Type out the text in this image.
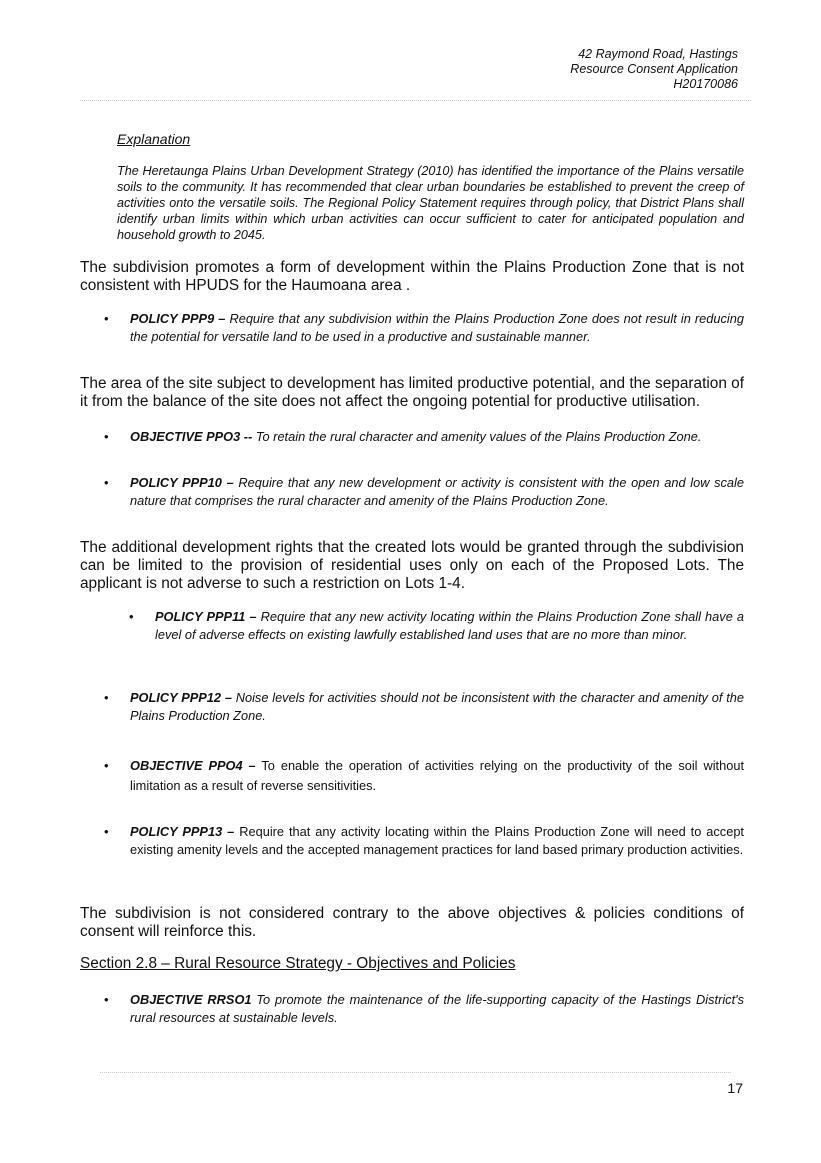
42 Raymond Road, Hastings
Resource Consent Application
H20170086

Explanation

The Heretaunga Plains Urban Development Strategy (2010) has identified the importance of the Plains versatile soils to the community. It has recommended that clear urban boundaries be established to prevent the creep of activities onto the versatile soils. The Regional Policy Statement requires through policy, that District Plans shall identify urban limits within which urban activities can occur sufficient to cater for anticipated population and household growth to 2045.

The subdivision promotes a form of development within the Plains Production Zone that is not consistent with HPUDS for the Haumoana area .

• POLICY PPP9 – Require that any subdivision within the Plains Production Zone does not result in reducing the potential for versatile land to be used in a productive and sustainable manner.

The area of the site subject to development has limited productive potential, and the separation of it from the balance of the site does not affect the ongoing potential for productive utilisation.

• OBJECTIVE PPO3 -- To retain the rural character and amenity values of the Plains Production Zone.
• POLICY PPP10 – Require that any new development or activity is consistent with the open and low scale nature that comprises the rural character and amenity of the Plains Production Zone.

The additional development rights that the created lots would be granted through the subdivision can be limited to the provision of residential uses only on each of the Proposed Lots. The applicant is not adverse to such a restriction on Lots 1-4.

• POLICY PPP11 – Require that any new activity locating within the Plains Production Zone shall have a level of adverse effects on existing lawfully established land uses that are no more than minor.
• POLICY PPP12 – Noise levels for activities should not be inconsistent with the character and amenity of the Plains Production Zone.
• OBJECTIVE PPO4 – To enable the operation of activities relying on the productivity of the soil without limitation as a result of reverse sensitivities.
• POLICY PPP13 – Require that any activity locating within the Plains Production Zone will need to accept existing amenity levels and the accepted management practices for land based primary production activities.

The subdivision is not considered contrary to the above objectives & policies conditions of consent will reinforce this.

Section 2.8 – Rural Resource Strategy - Objectives and Policies

• OBJECTIVE RRSO1 To promote the maintenance of the life-supporting capacity of the Hastings District's rural resources at sustainable levels.
17
